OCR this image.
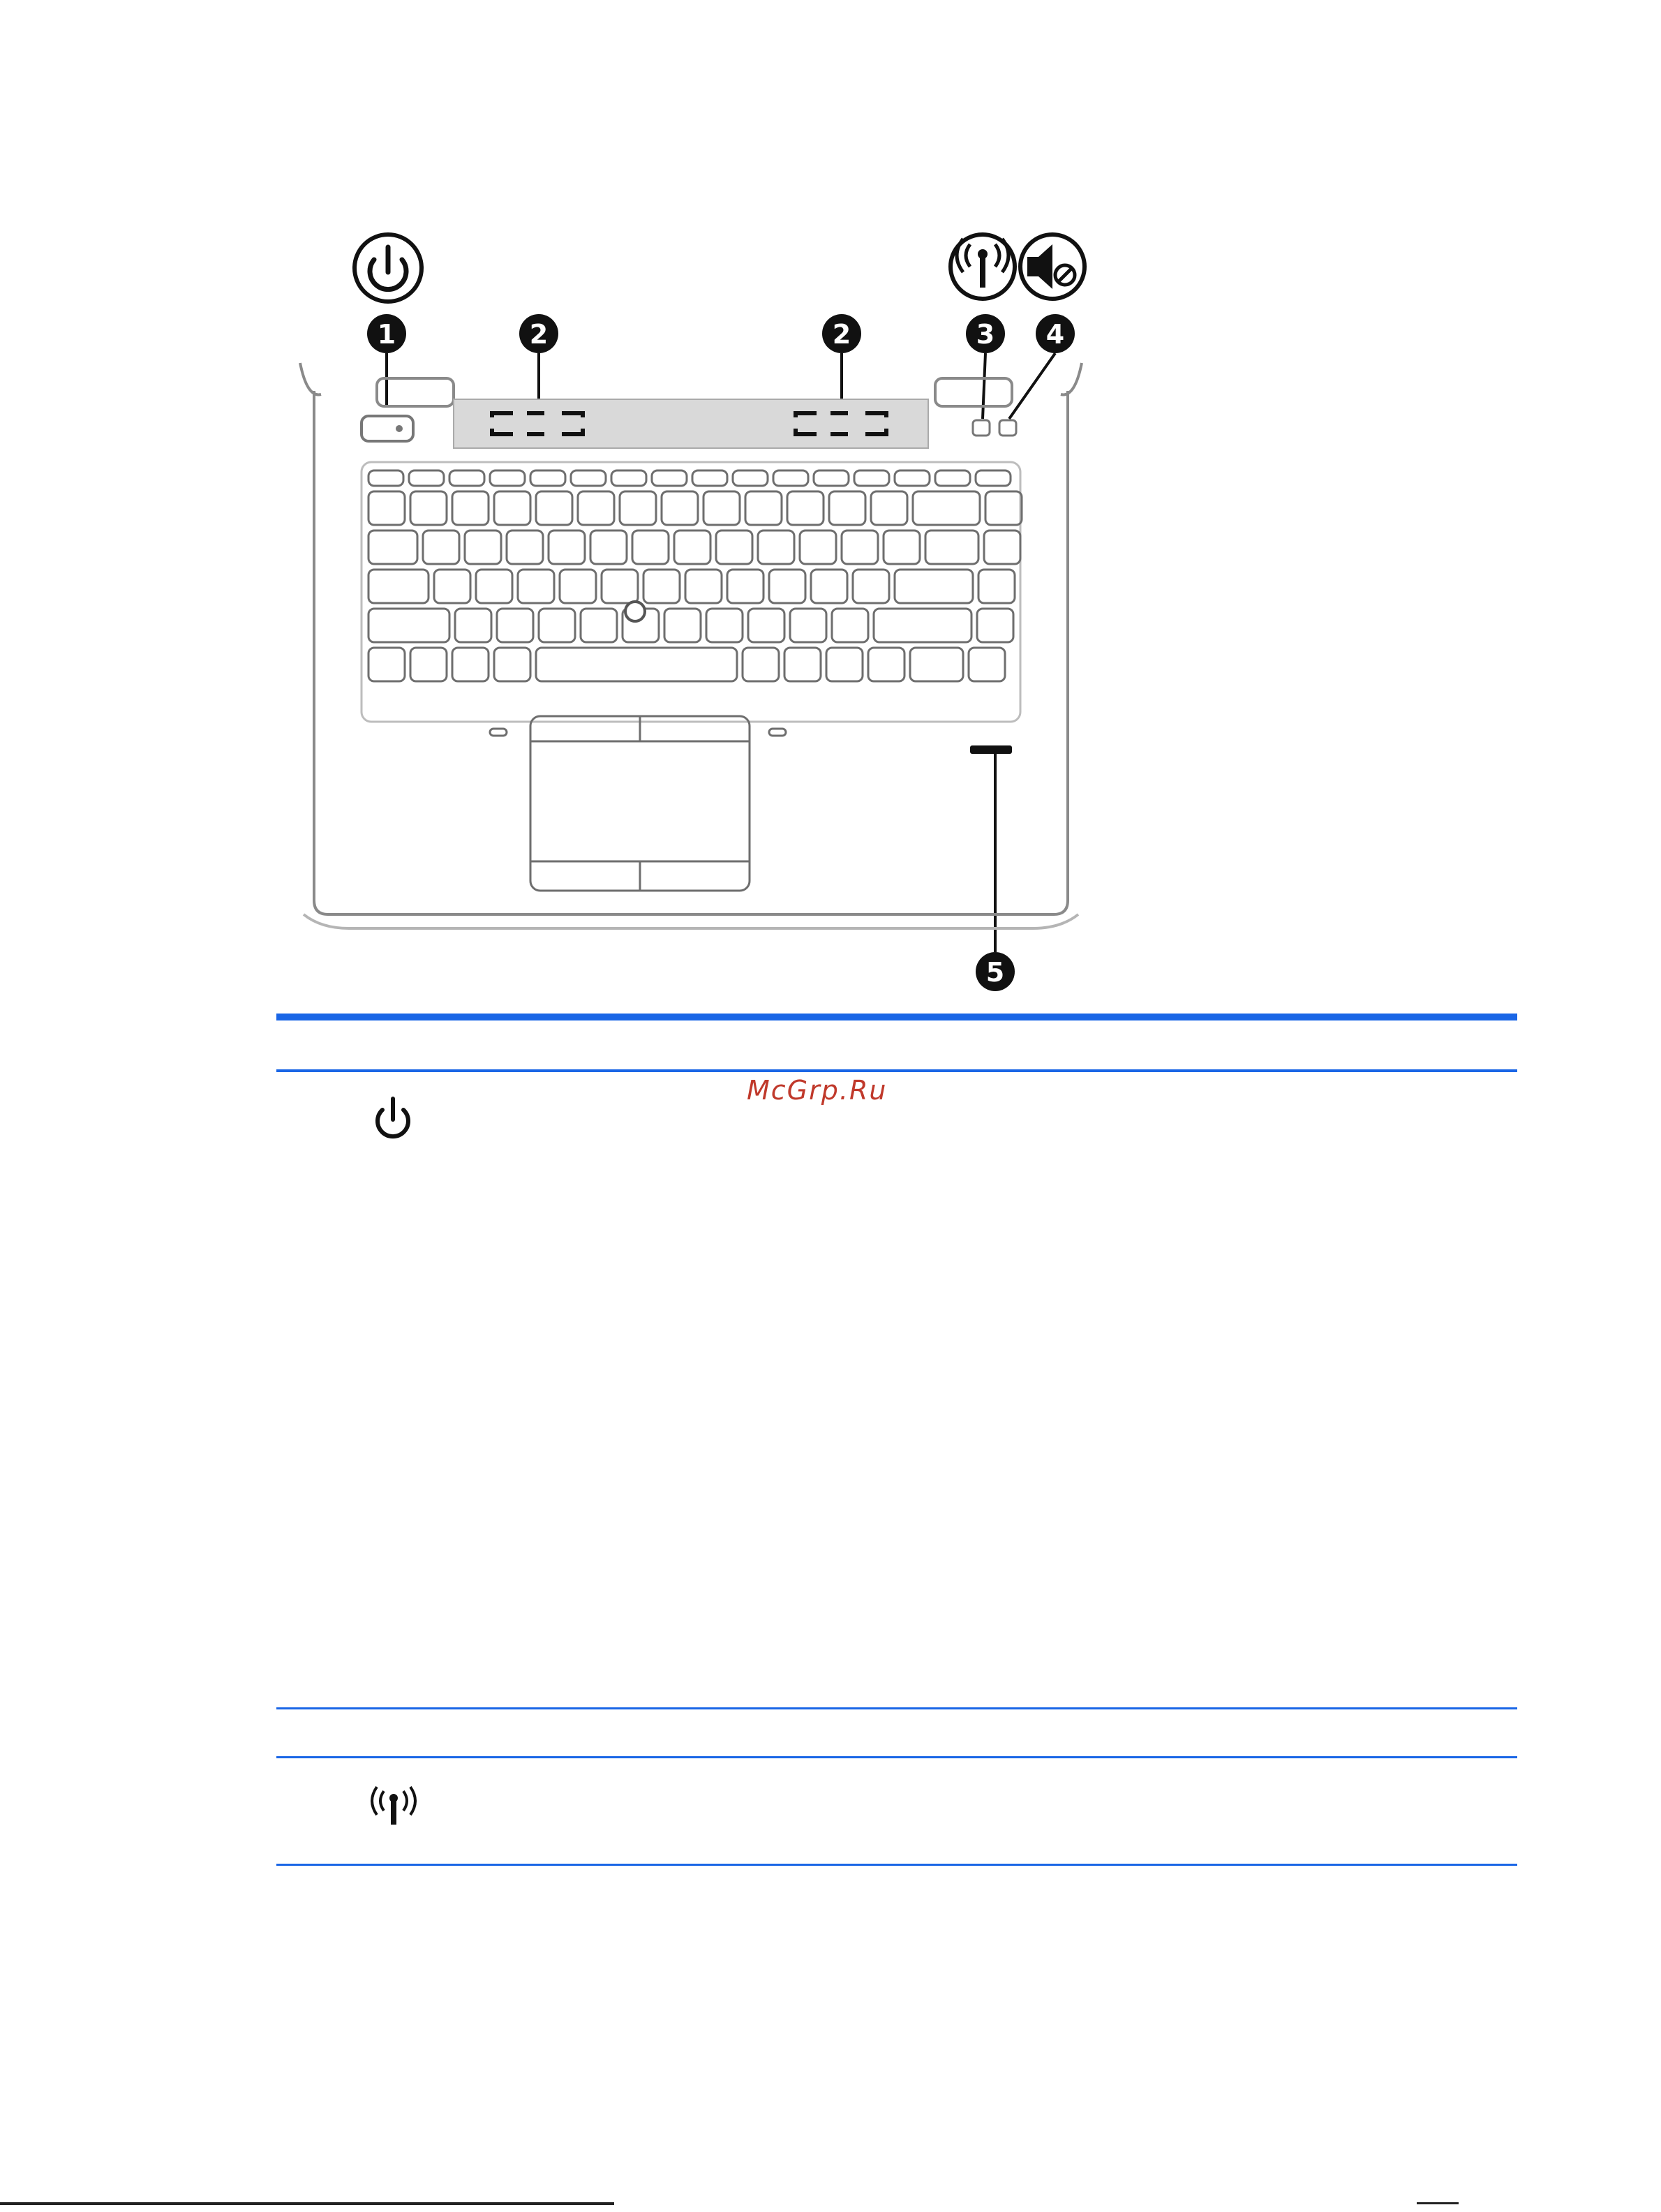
1	2	2	3 4
5
McGrp.Ru
